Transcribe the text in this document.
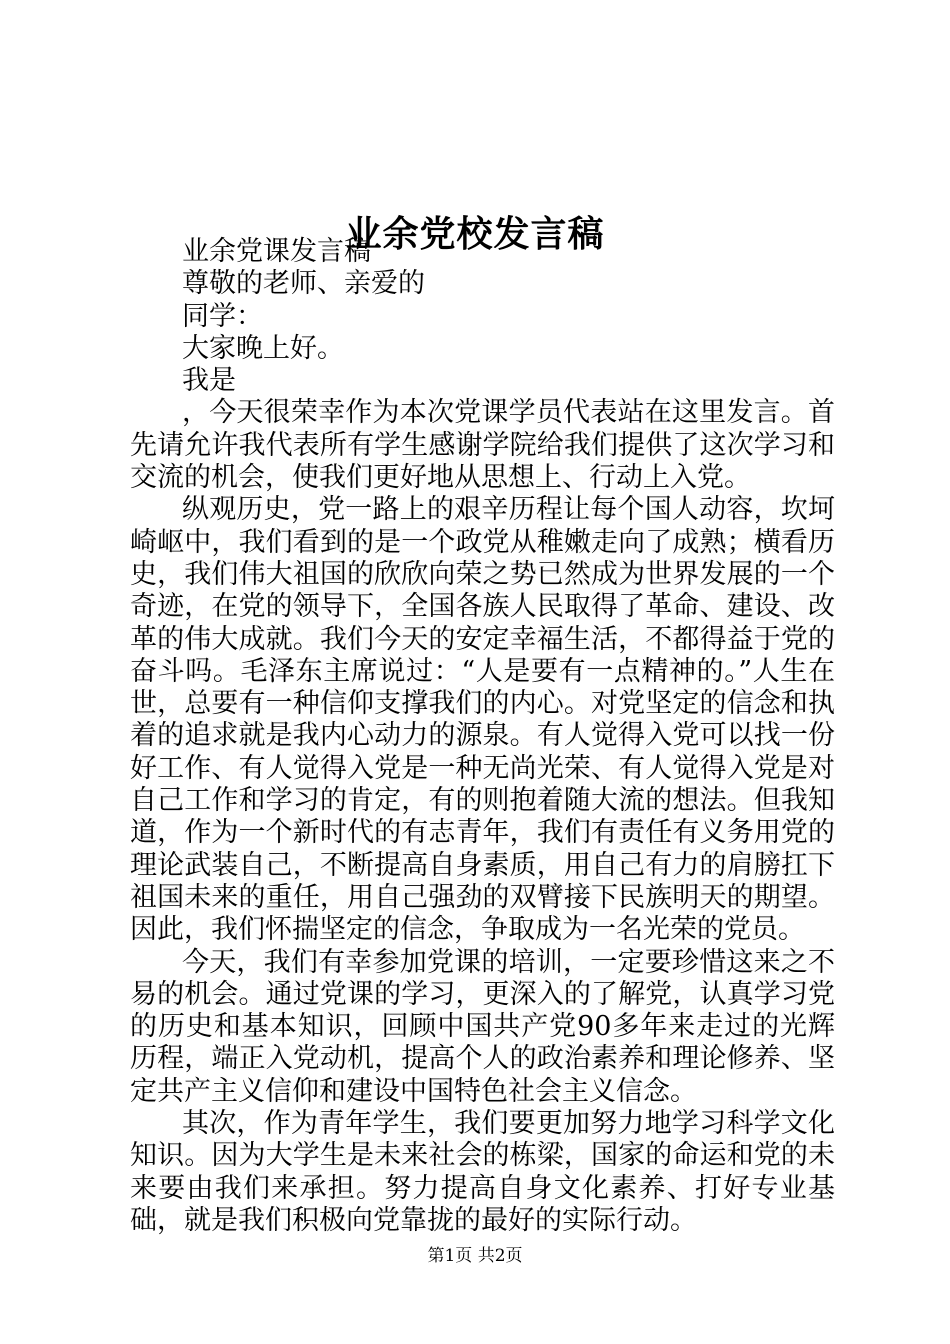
业余党校发言稿

业余党课发言稿

尊敬的老师、亲爱的

同学：

大家晚上好。

我是

，今天很荣幸作为本次党课学员代表站在这里发言。首先请允许我代表所有学生感谢学院给我们提供了这次学习和交流的机会，使我们更好地从思想上、行动上入党。

纵观历史，党一路上的艰辛历程让每个国人动容，坎坷崎岖中，我们看到的是一个政党从稚嫩走向了成熟；横看历史，我们伟大祖国的欣欣向荣之势已然成为世界发展的一个奇迹，在党的领导下，全国各族人民取得了革命、建设、改革的伟大成就。我们今天的安定幸福生活，不都得益于党的奋斗吗。毛泽东主席说过：“人是要有一点精神的。”人生在世，总要有一种信仰支撑我们的内心。对党坚定的信念和执着的追求就是我内心动力的源泉。有人觉得入党可以找一份好工作、有人觉得入党是一种无尚光荣、有人觉得入党是对自己工作和学习的肯定，有的则抱着随大流的想法。但我知道，作为一个新时代的有志青年，我们有责任有义务用党的理论武装自己，不断提高自身素质，用自己有力的肩膀扛下祖国未来的重任，用自己强劲的双臂接下民族明天的期望。因此，我们怀揣坚定的信念，争取成为一名光荣的党员。

今天，我们有幸参加党课的培训，一定要珍惜这来之不易的机会。通过党课的学习，更深入的了解党，认真学习党的历史和基本知识，回顾中国共产党90多年来走过的光辉历程，端正入党动机，提高个人的政治素养和理论修养、坚定共产主义信仰和建设中国特色社会主义信念。

其次，作为青年学生，我们要更加努力地学习科学文化知识。因为大学生是未来社会的栋梁，国家的命运和党的未来要由我们来承担。努力提高自身文化素养、打好专业基础，就是我们积极向党靠拢的最好的实际行动。

第1页 共2页
